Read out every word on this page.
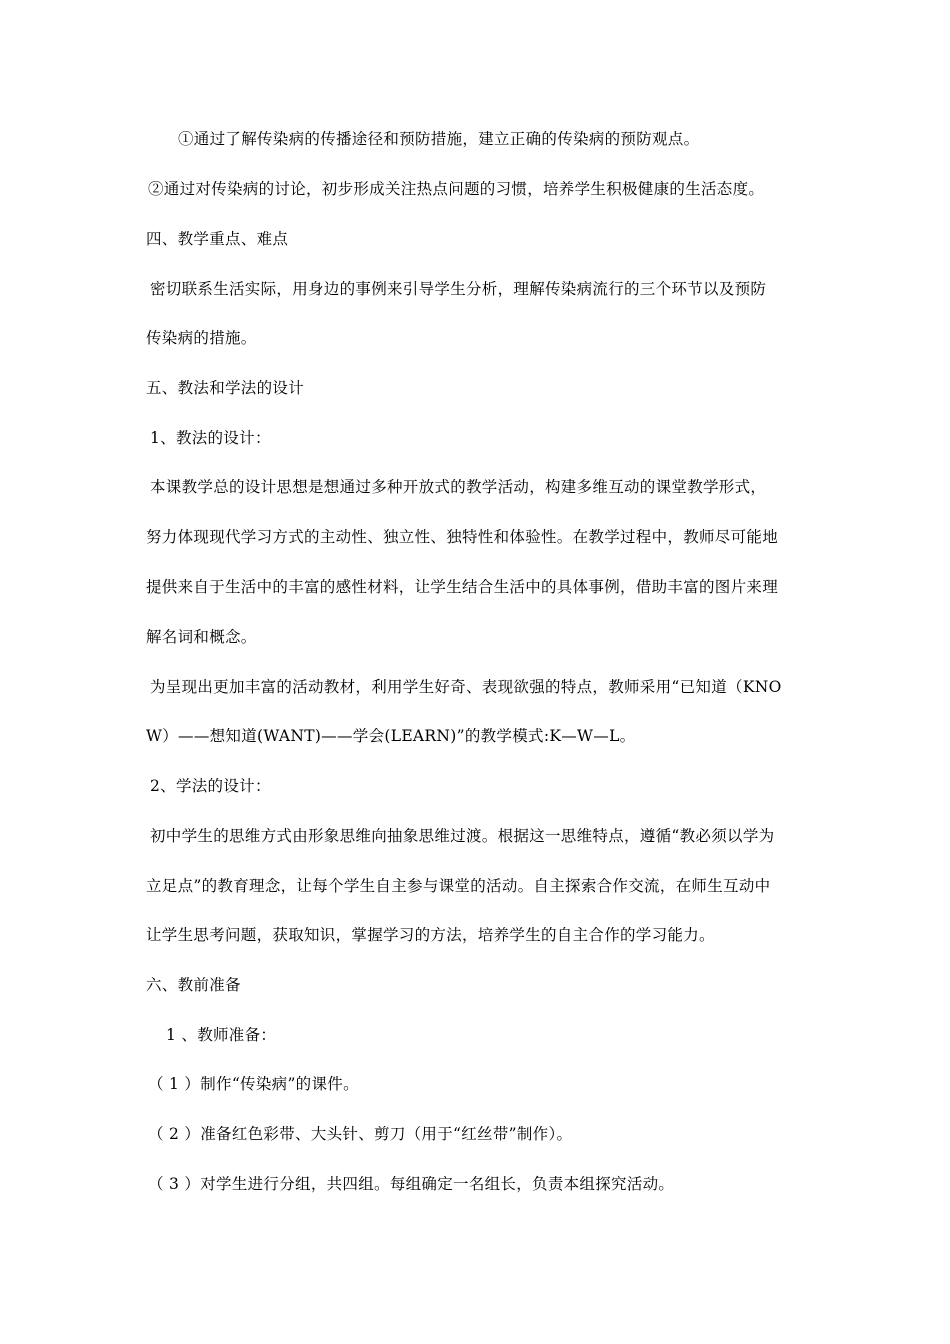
①通过了解传染病的传播途径和预防措施，建立正确的传染病的预防观点。
②通过对传染病的讨论，初步形成关注热点问题的习惯，培养学生积极健康的生活态度。
四、教学重点、难点
密切联系生活实际，用身边的事例来引导学生分析，理解传染病流行的三个环节以及预防
传染病的措施。
五、教法和学法的设计
1、教法的设计：
本课教学总的设计思想是想通过多种开放式的教学活动，构建多维互动的课堂教学形式，
努力体现现代学习方式的主动性、独立性、独特性和体验性。在教学过程中，教师尽可能地
提供来自于生活中的丰富的感性材料，让学生结合生活中的具体事例，借助丰富的图片来理
解名词和概念。
为呈现出更加丰富的活动教材，利用学生好奇、表现欲强的特点，教师采用“已知道（KNO
W）——想知道(WANT)——学会(LEARN)”的教学模式:K—W—L。
2、学法的设计：
初中学生的思维方式由形象思维向抽象思维过渡。根据这一思维特点，遵循“教必须以学为
立足点”的教育理念，让每个学生自主参与课堂的活动。自主探索合作交流，在师生互动中
让学生思考问题，获取知识，掌握学习的方法，培养学生的自主合作的学习能力。
六、教前准备
1 、教师准备：
（ 1 ）制作“传染病”的课件。
（ 2 ）准备红色彩带、大头针、剪刀（用于“红丝带”制作）。
（ 3 ）对学生进行分组，共四组。每组确定一名组长，负责本组探究活动。
